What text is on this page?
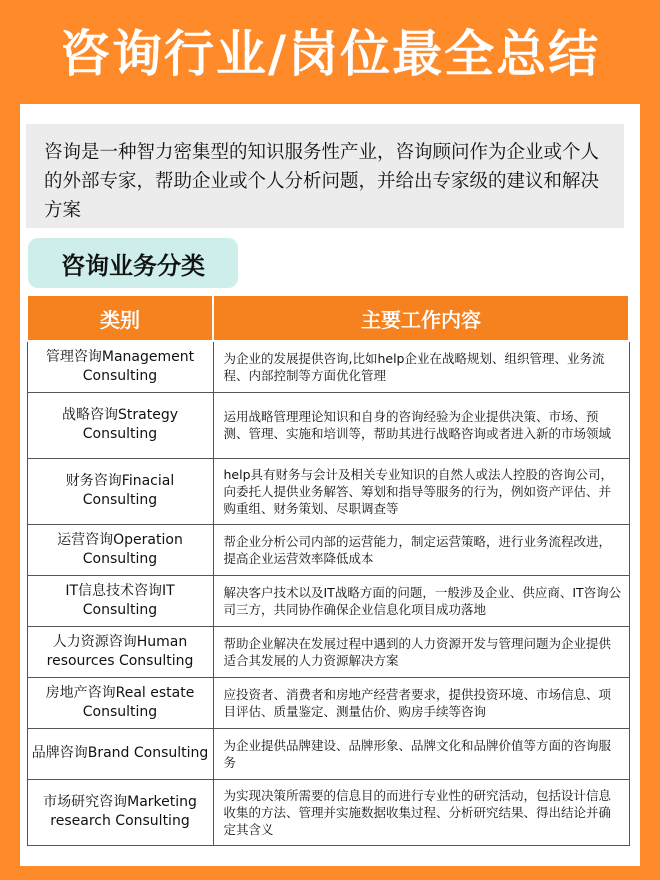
咨询行业/岗位最全总结
咨询是一种智力密集型的知识服务性产业，咨询顾问作为企业或个人的外部专家，帮助企业或个人分析问题，并给出专家级的建议和解决方案
咨询业务分类
类别	主要工作内容
管理咨询Management Consulting	为企业的发展提供咨询,比如help企业在战略规划、组织管理、业务流程、内部控制等方面优化管理
战略咨询Strategy Consulting	运用战略管理理论知识和自身的咨询经验为企业提供决策、市场、预测、管理、实施和培训等，帮助其进行战略咨询或者进入新的市场领域
财务咨询Finacial Consulting	help具有财务与会计及相关专业知识的自然人或法人控股的咨询公司，向委托人提供业务解答、筹划和指导等服务的行为，例如资产评估、并购重组、财务策划、尽职调查等
运营咨询Operation Consulting	帮企业分析公司内部的运营能力，制定运营策略，进行业务流程改进，提高企业运营效率降低成本
IT信息技术咨询IT Consulting	解决客户技术以及IT战略方面的问题，一般涉及企业、供应商、IT咨询公司三方，共同协作确保企业信息化项目成功落地
人力资源咨询Human resources Consulting	帮助企业解决在发展过程中遇到的人力资源开发与管理问题为企业提供适合其发展的人力资源解决方案
房地产咨询Real estate Consulting	应投资者、消费者和房地产经营者要求，提供投资环境、市场信息、项目评估、质量鉴定、测量估价、购房手续等咨询
品牌咨询Brand Consulting	为企业提供品牌建设、品牌形象、品牌文化和品牌价值等方面的咨询服务
市场研究咨询Marketing research Consulting	为实现决策所需要的信息目的而进行专业性的研究活动，包括设计信息收集的方法、管理并实施数据收集过程、分析研究结果、得出结论并确定其含义
